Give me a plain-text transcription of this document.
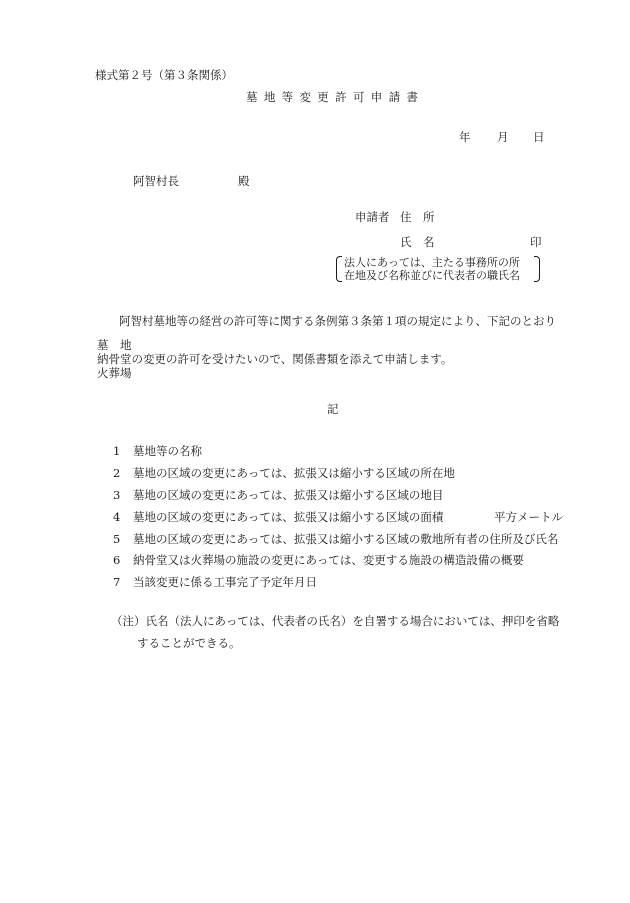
様式第２号（第３条関係）
墓地等変更許可申請書
年 月 日
阿智村長	殿
申請者 住　所
氏　名	印
法人にあっては、主たる事務所の所
在地及び名称並びに代表者の職氏名
阿智村墓地等の経営の許可等に関する条例第３条第１項の規定により、下記のとおり
墓　地
納骨堂の変更の許可を受けたいので、関係書類を添えて申請します。
火葬場
記
1 墓地等の名称
2 墓地の区域の変更にあっては、拡張又は縮小する区域の所在地
3 墓地の区域の変更にあっては、拡張又は縮小する区域の地目
4 墓地の区域の変更にあっては、拡張又は縮小する区域の面積
5 墓地の区域の変更にあっては、拡張又は縮小する区域の敷地所有者の住所及び氏名
6 納骨堂又は火葬場の施設の変更にあっては、変更する施設の構造設備の概要
7 当該変更に係る工事完了予定年月日
平方メートル
（注）氏名（法人にあっては、代表者の氏名）を自署する場合においては、押印を省略
することができる。
